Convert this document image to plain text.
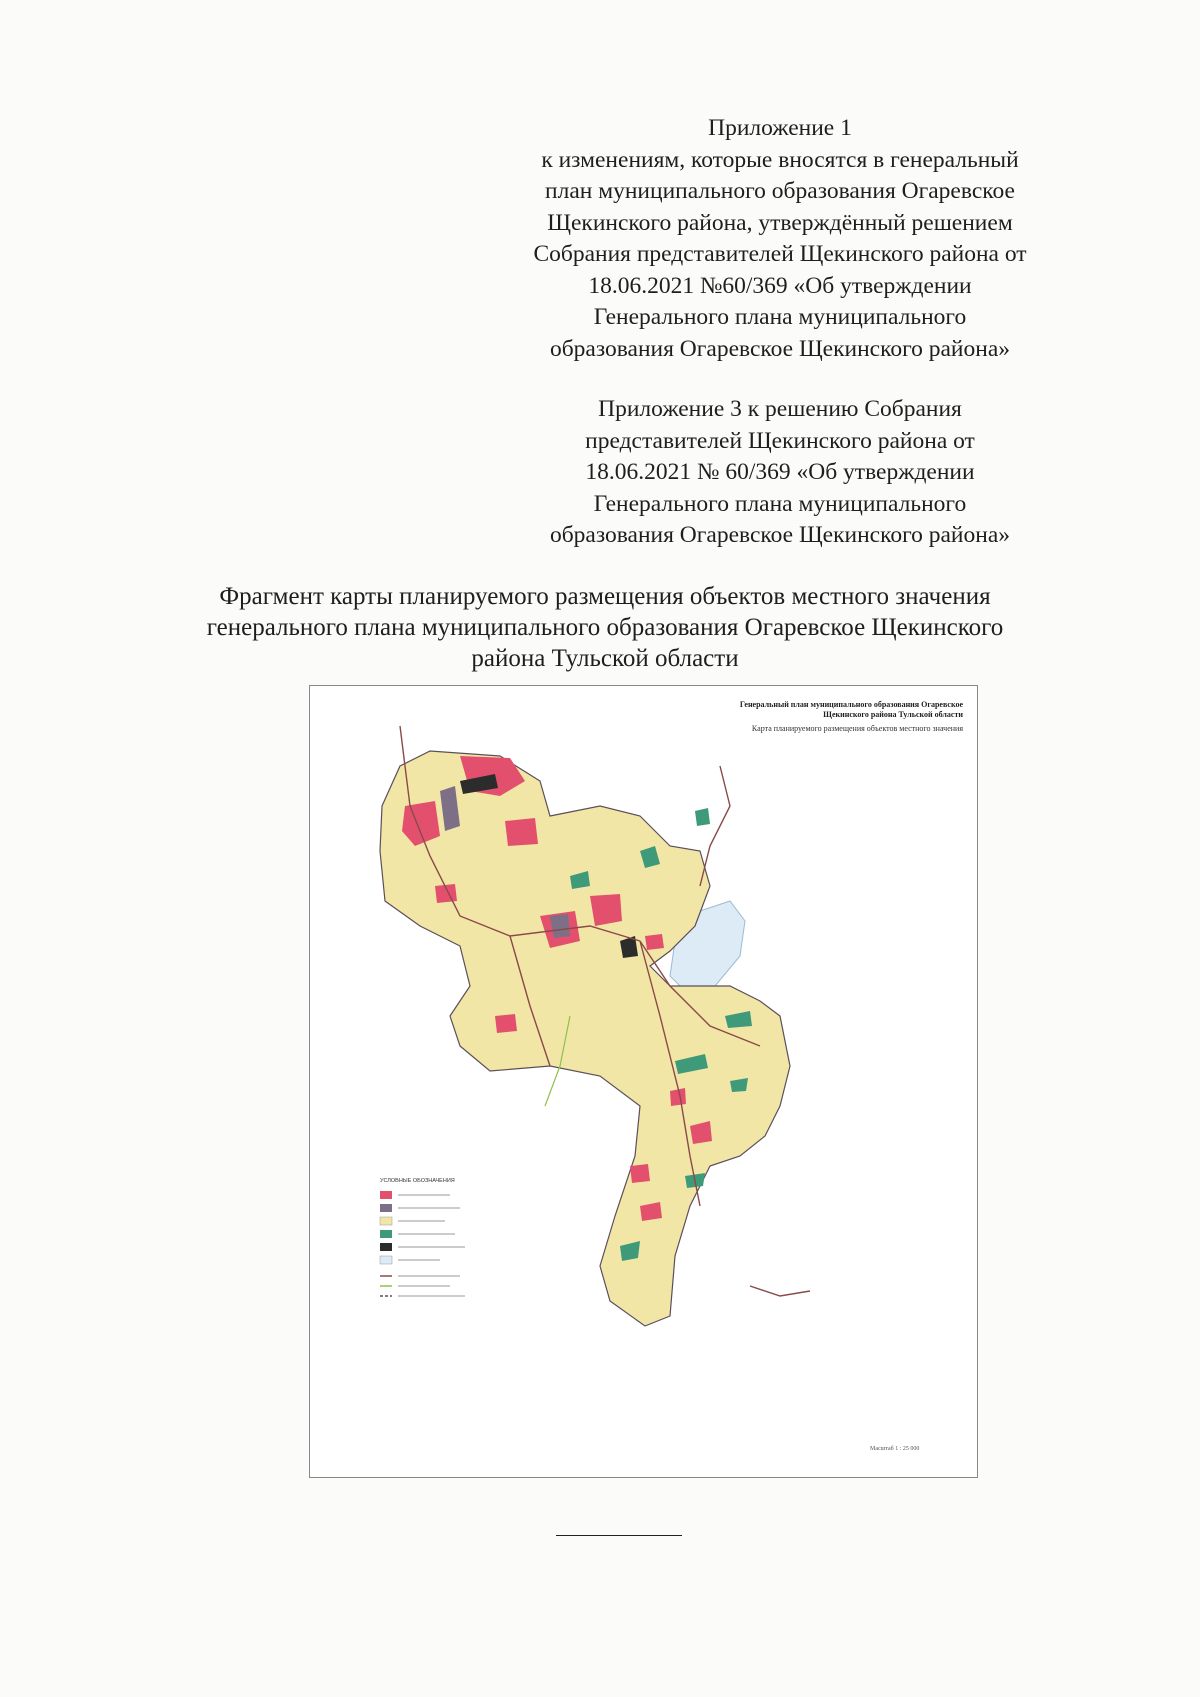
Приложение 1
к изменениям, которые вносятся в генеральный
план муниципального образования Огаревское
Щекинского района, утверждённый решением
Собрания представителей Щекинского района от
18.06.2021 №60/369 «Об утверждении
Генерального плана муниципального
образования Огаревское Щекинского района»
Приложение 3 к решению Собрания
представителей Щекинского района от
18.06.2021 № 60/369 «Об утверждении
Генерального плана муниципального
образования Огаревское Щекинского района»
Фрагмент карты планируемого размещения объектов местного значения
генерального плана муниципального образования Огаревское Щекинского
района Тульской области
Генеральный план муниципального образования Огаревское
Щекинского района Тульской области
Карта планируемого размещения объектов местного значения
УСЛОВНЫЕ ОБОЗНАЧЕНИЯ
Масштаб 1 : 25 000
